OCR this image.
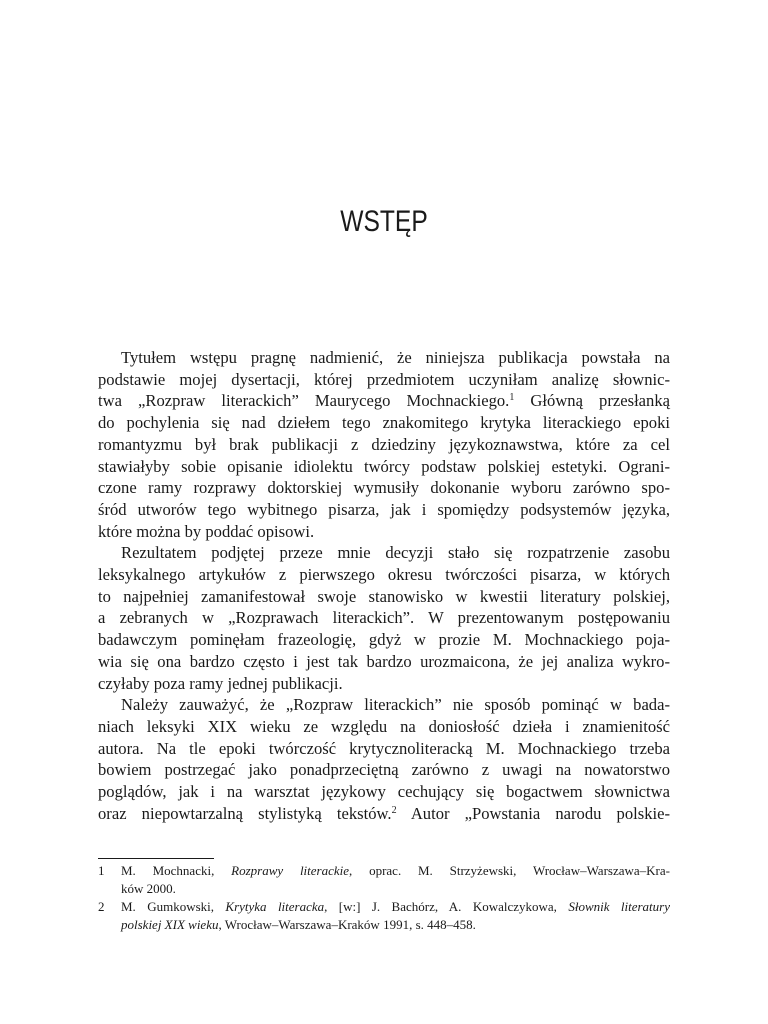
WSTĘP

Tytułem wstępu pragnę nadmienić, że niniejsza publikacja powstała na
podstawie mojej dysertacji, której przedmiotem uczyniłam analizę słownic-
twa „Rozpraw literackich” Maurycego Mochnackiego.$^1$ Główną przesłanką
do pochylenia się nad dziełem tego znakomitego krytyka literackiego epoki
romantyzmu był brak publikacji z dziedziny językoznawstwa, które za cel
stawiałyby sobie opisanie idiolektu twórcy podstaw polskiej estetyki. Ograni-
czone ramy rozprawy doktorskiej wymusiły dokonanie wyboru zarówno spo-
śród utworów tego wybitnego pisarza, jak i spomiędzy podsystemów języka,
które można by poddać opisowi.

Rezultatem podjętej przeze mnie decyzji stało się rozpatrzenie zasobu
leksykalnego artykułów z pierwszego okresu twórczości pisarza, w których
to najpełniej zamanifestował swoje stanowisko w kwestii literatury polskiej,
a zebranych w „Rozprawach literackich”. W prezentowanym postępowaniu
badawczym pominęłam frazeologię, gdyż w prozie M. Mochnackiego poja-
wia się ona bardzo często i jest tak bardzo urozmaicona, że jej analiza wykro-
czyłaby poza ramy jednej publikacji.

Należy zauważyć, że „Rozpraw literackich” nie sposób pominąć w bada-
niach leksyki XIX wieku ze względu na doniosłość dzieła i znamienitość
autora. Na tle epoki twórczość krytycznoliteracką M. Mochnackiego trzeba
bowiem postrzegać jako ponadprzeciętną zarówno z uwagi na nowatorstwo
poglądów, jak i na warsztat językowy cechujący się bogactwem słownictwa
oraz niepowtarzalną stylistyką tekstów.$^2$ Autor „Powstania narodu polskie-

1 M. Mochnacki, Rozprawy literackie, oprac. M. Strzyżewski, Wrocław–Warszawa–Kra-
ków 2000.
2 M. Gumkowski, Krytyka literacka, [w:] J. Bachórz, A. Kowalczykowa, Słownik literatury
polskiej XIX wieku, Wrocław–Warszawa–Kraków 1991, s. 448–458.
